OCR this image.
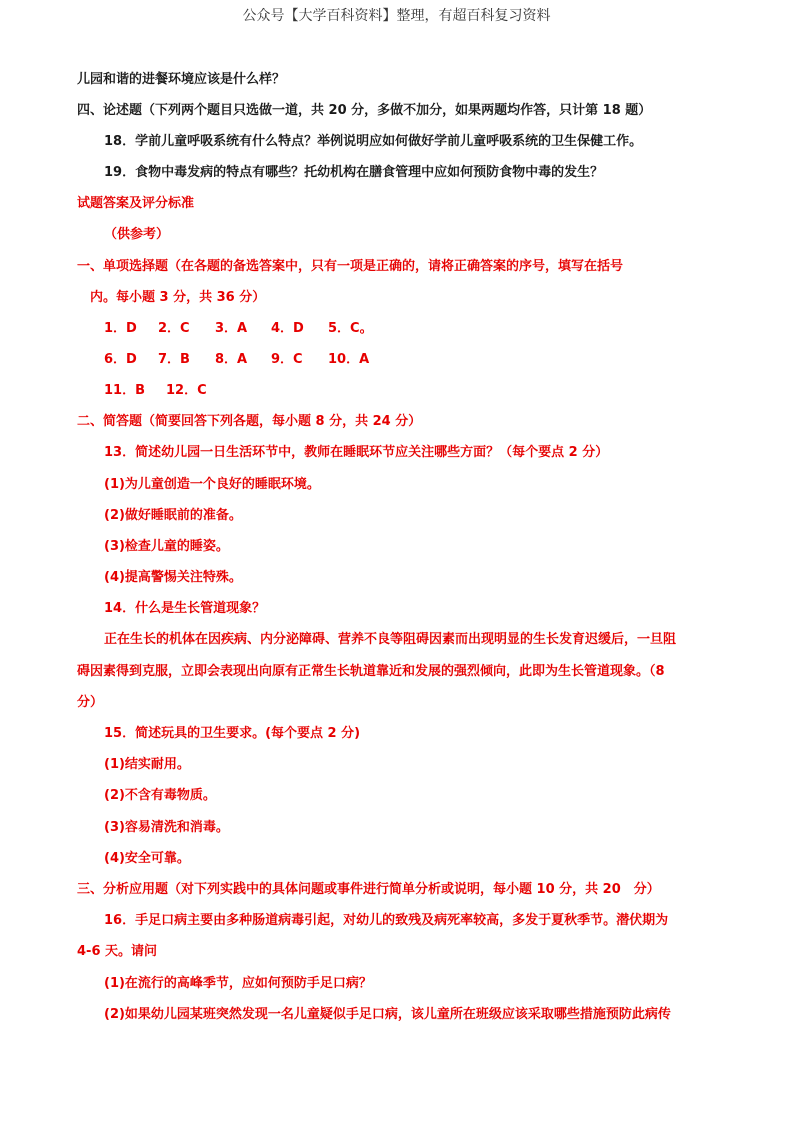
公众号【大学百科资料】整理，有超百科复习资料
儿园和谐的进餐环境应该是什么样？
四、论述题（下列两个题目只选做一道，共 20 分，多做不加分，如果两题均作答，只计第 18 题）
18．学前儿童呼吸系统有什么特点？举例说明应如何做好学前儿童呼吸系统的卫生保健工作。
19．食物中毒发病的特点有哪些？托幼机构在膳食管理中应如何预防食物中毒的发生？
试题答案及评分标准
（供参考）
一、单项选择题（在各题的备选答案中，只有一项是正确的，请将正确答案的序号，填写在括号
内。每小题 3 分，共 36 分）
1．D	2．C	3．A	4．D	5．C。
6．D	7．B	8．A	9．C	10．A
11．B	12．C
二、简答题（简要回答下列各题，每小题 8 分，共 24 分）
13．简述幼儿园一日生活环节中，教师在睡眠环节应关注哪些方面？（每个要点 2 分）
(1)为儿童创造一个良好的睡眠环境。
(2)做好睡眠前的准备。
(3)检查儿童的睡姿。
(4)提高警惕关注特殊。
14．什么是生长管道现象？
正在生长的机体在因疾病、内分泌障碍、营养不良等阻碍因素而出现明显的生长发育迟缓后，一旦阻
碍因素得到克服，立即会表现出向原有正常生长轨道靠近和发展的强烈倾向，此即为生长管道现象。（8
分）
15．简述玩具的卫生要求。(每个要点 2 分)
(1)结实耐用。
(2)不含有毒物质。
(3)容易清洗和消毒。
(4)安全可靠。
三、分析应用题（对下列实践中的具体问题或事件进行简单分析或说明，每小题 10 分，共 20　分）
16．手足口病主要由多种肠道病毒引起，对幼儿的致残及病死率较高，多发于夏秋季节。潜伏期为
4-6 天。请问
(1)在流行的高峰季节，应如何预防手足口病？
(2)如果幼儿园某班突然发现一名儿童疑似手足口病，该儿童所在班级应该采取哪些措施预防此病传
